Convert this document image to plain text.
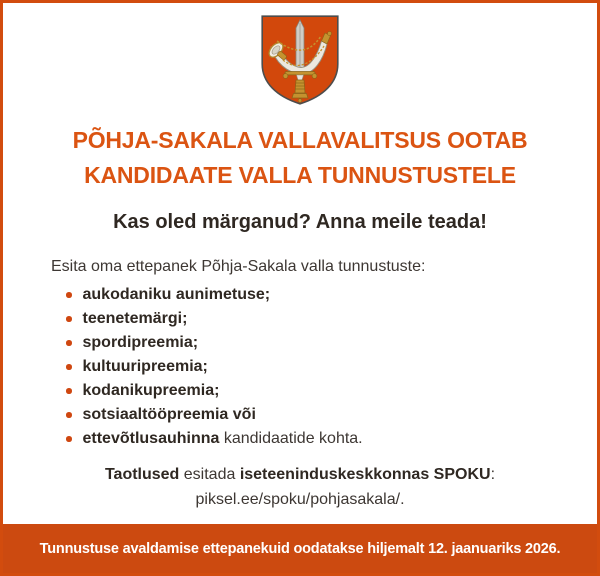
PÕHJA-SAKALA VALLAVALITSUS OOTAB
KANDIDAATE VALLA TUNNUSTUSTELE
Kas oled märganud? Anna meile teada!

Esita oma ettepanek Põhja-Sakala valla tunnustuste:

aukodaniku aunimetuse;
teenetemärgi;
spordipreemia;
kultuuripreemia;
kodanikupreemia;
sotsiaaltööpreemia või
ettevõtlusauhinna kandidaatide kohta.
Taotlused esitada iseteeninduskeskkonnas SPOKU:
piksel.ee/spoku/pohjasakala/.
Tunnustuse avaldamise ettepanekuid oodatakse hiljemalt 12. jaanuariks 2026.
